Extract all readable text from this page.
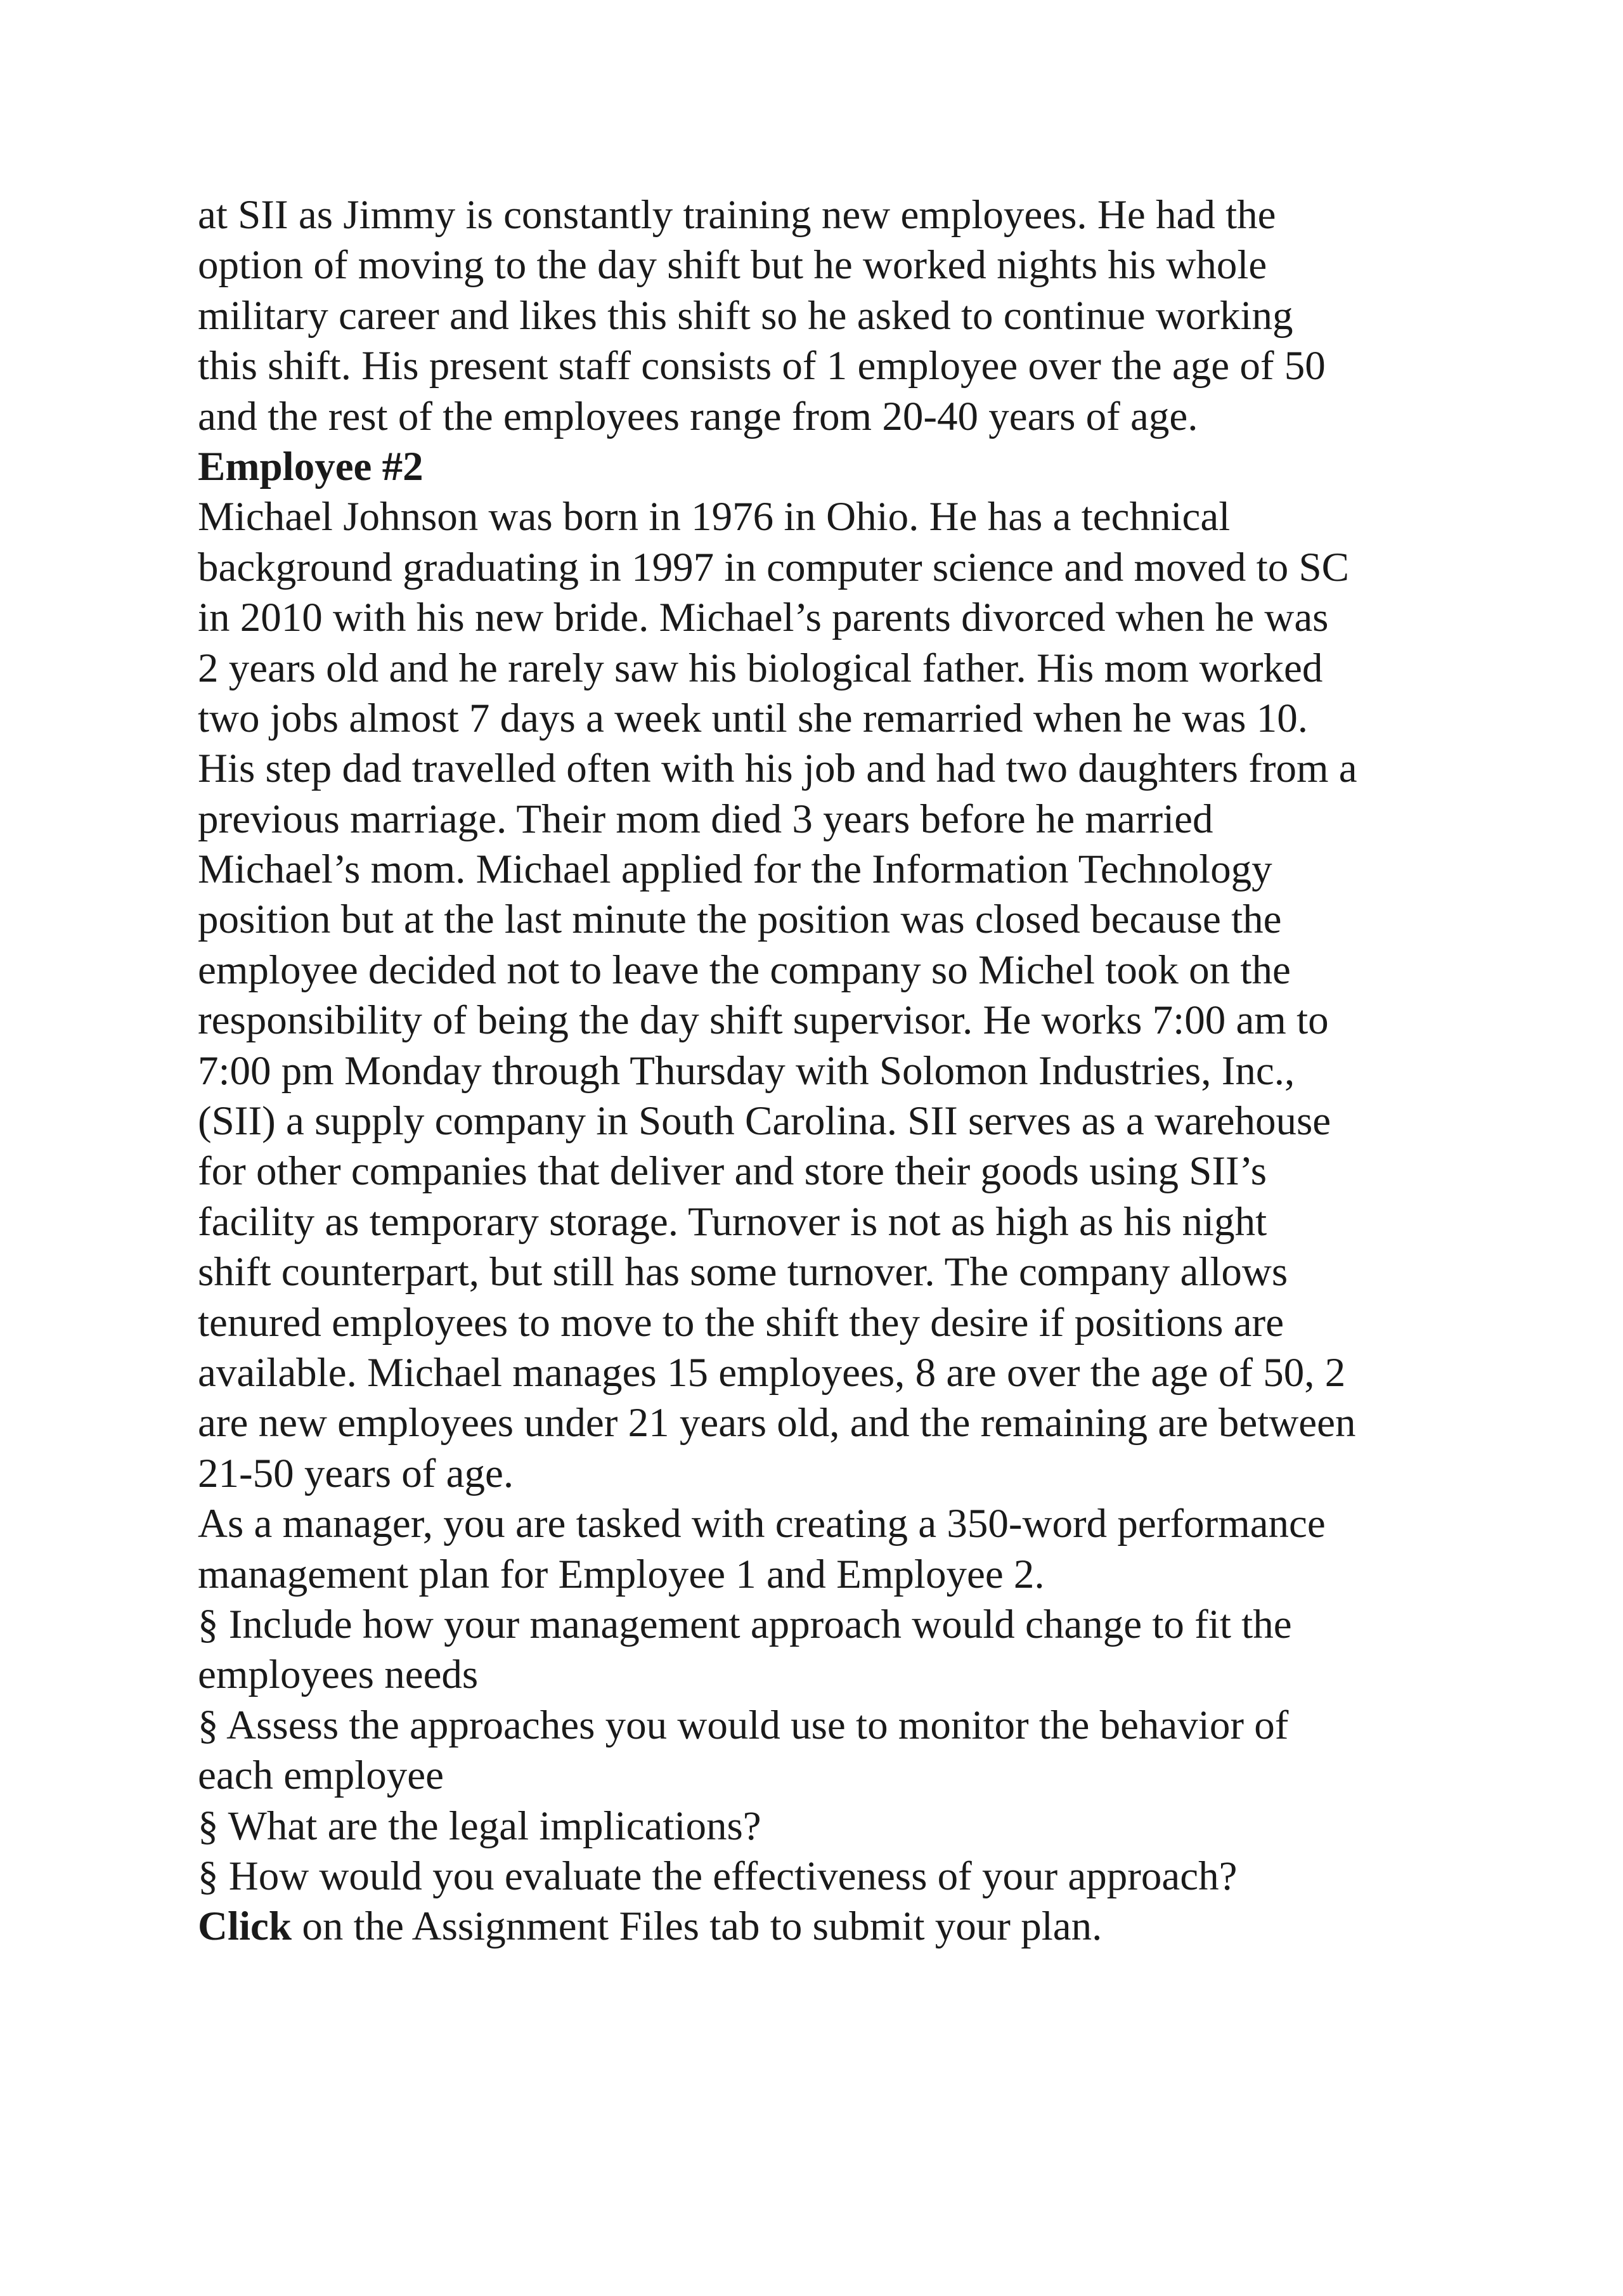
at SII as Jimmy is constantly training new employees. He had the
option of moving to the day shift but he worked nights his whole
military career and likes this shift so he asked to continue working
this shift. His present staff consists of 1 employee over the age of 50
and the rest of the employees range from 20-40 years of age.
Employee #2
Michael Johnson was born in 1976 in Ohio. He has a technical
background graduating in 1997 in computer science and moved to SC
in 2010 with his new bride. Michael’s parents divorced when he was
2 years old and he rarely saw his biological father. His mom worked
two jobs almost 7 days a week until she remarried when he was 10.
His step dad travelled often with his job and had two daughters from a
previous marriage. Their mom died 3 years before he married
Michael’s mom. Michael applied for the Information Technology
position but at the last minute the position was closed because the
employee decided not to leave the company so Michel took on the
responsibility of being the day shift supervisor. He works 7:00 am to
7:00 pm Monday through Thursday with Solomon Industries, Inc.,
(SII) a supply company in South Carolina. SII serves as a warehouse
for other companies that deliver and store their goods using SII’s
facility as temporary storage. Turnover is not as high as his night
shift counterpart, but still has some turnover. The company allows
tenured employees to move to the shift they desire if positions are
available. Michael manages 15 employees, 8 are over the age of 50, 2
are new employees under 21 years old, and the remaining are between
21-50 years of age.
As a manager, you are tasked with creating a 350-word performance
management plan for Employee 1 and Employee 2.
§ Include how your management approach would change to fit the
employees needs
§ Assess the approaches you would use to monitor the behavior of
each employee
§ What are the legal implications?
§ How would you evaluate the effectiveness of your approach?
Click on the Assignment Files tab to submit your plan.
